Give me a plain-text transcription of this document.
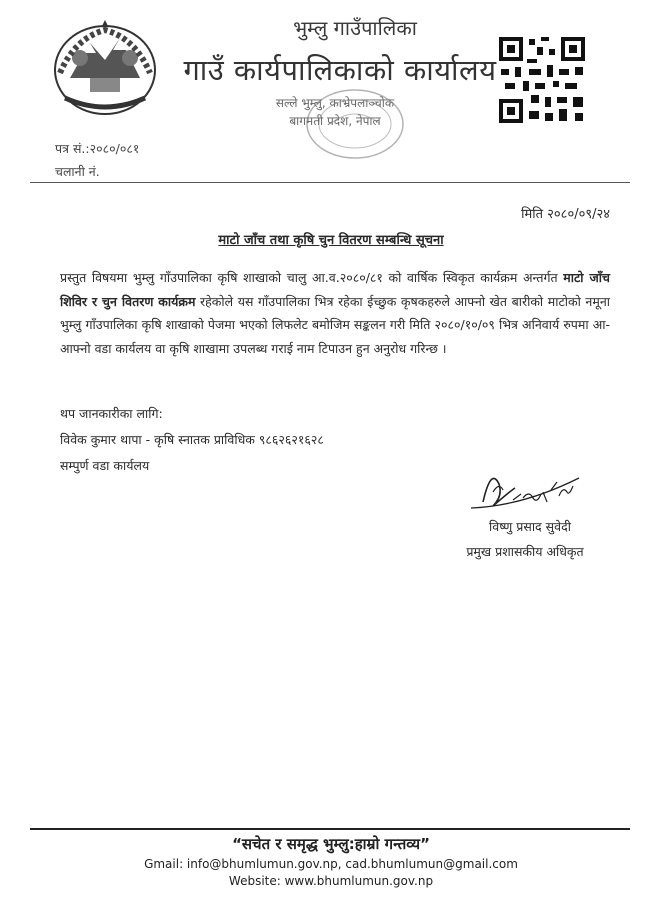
भुम्लु गाउँपालिका
गाउँ कार्यपालिकाको कार्यालय
सल्ले भुम्लु, काभ्रेपलाञ्चोक
बागमती प्रदेश, नेपाल
पत्र सं.:२०८०/०८१
चलानी नं.
मिति २०८०/०९/२४
माटो जाँच तथा कृषि चुन वितरण सम्बन्धि सूचना
प्रस्तुत विषयमा भुम्लु गाँउपालिका कृषि शाखाको चालु आ.व.२०८०/८१ को वार्षिक स्विकृत कार्यक्रम अन्तर्गत माटो जाँच शिविर र चुन वितरण कार्यक्रम रहेकोले यस गाँउपालिका भित्र रहेका ईच्छुक कृषकहरुले आफ्नो खेत बारीको माटोको नमूना भुम्लु गाँउपालिका कृषि शाखाको पेजमा भएको लिफलेट बमोजिम सङ्कलन गरी मिति २०८०/१०/०९ भित्र अनिवार्य रुपमा आ-आफ्नो वडा कार्यलय वा कृषि शाखामा उपलब्ध गराई नाम टिपाउन हुन अनुरोध गरिन्छ ।
थप जानकारीका लागि:
विवेक कुमार थापा - कृषि स्नातक प्राविधिक ९८६२६२१६२८
सम्पुर्ण वडा कार्यलय
विष्णु प्रसाद सुवेदी
प्रमुख प्रशासकीय अधिकृत
“सचेत र समृद्ध भुम्लु:हाम्रो गन्तव्य”
Gmail: info@bhumlumun.gov.np, cad.bhumlumun@gmail.com
Website: www.bhumlumun.gov.np
